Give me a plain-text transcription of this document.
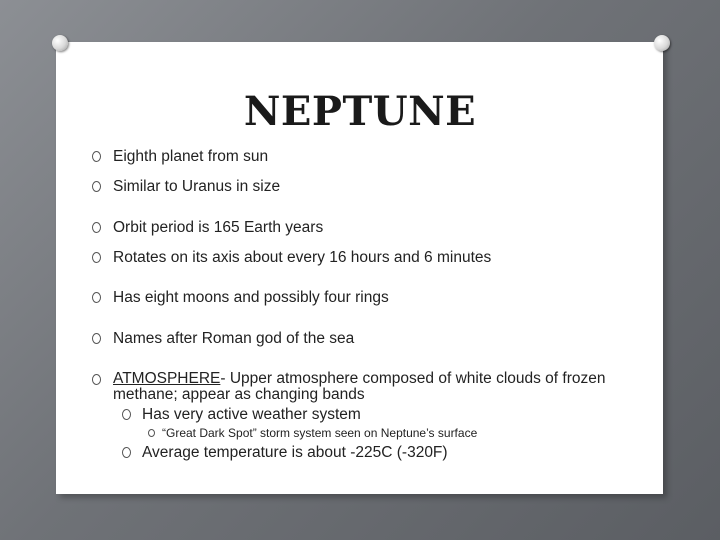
NEPTUNE
Eighth planet from sun
Similar to Uranus in size
Orbit period is 165 Earth years
Rotates on its axis about every 16 hours and 6 minutes
Has eight moons and possibly four rings
Names after Roman god of the sea
ATMOSPHERE- Upper atmosphere composed of white clouds of frozen methane; appear as changing bands
Has very active weather system
“Great Dark Spot” storm system seen on Neptune’s surface
Average temperature is about -225C (-320F)
